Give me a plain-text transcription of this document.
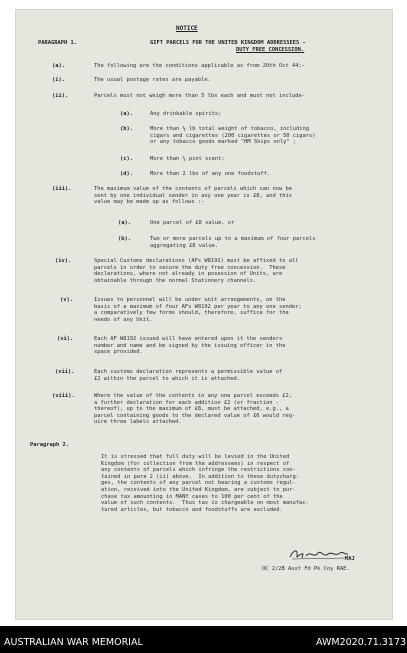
NOTICE
PARAGRAPH 1.	GIFT PARCELS FOR THE UNITED KINGDOM ADDRESSEES -
DUTY FREE CONCESSION.
(a).	The following are the conditions applicable as from 20th Oct 44;-
(i).	The usual postage rates are payable.
(ii).	Parcels must not weigh more than 5 lbs each and must not include-
(iii).	The maximum value of the contents of parcels which can now be
sent by one individual sender in any one year is £8, and this
value may be made up as follows :-
(iv).	Special Customs declarations (AFs W8192) must be affixed to all
parcels in order to secure the duty free concession.  These
declarations, where not already in posession of Units, are
obtainable through the normal Stationery channels.
(v).	Issues to personnel will be under unit arrangements, on the
basis of a maximum of four AFs W8192 per year to any one sender;
a comparatively few forms should, therefore, suffice for the
needs of any Unit.
(vi).	Each AF W8192 issued will have entered upon it the senders
number and name and be signed by the issuing officer in the
space provided.
(vii).	Each customs declaration represents a permissible value of
£2 within the parcel to which it is attached.
(viii).	Where the value of the contents in any one parcel exceeds £2,
a further declaration for each addition £2 (or fraction -
thereof), up to the maximum of £8, must be attached, e.g., a
parcel containing goods to the declared value of £6 would req-
uire three labels attached.
(a).	Any drinkable spirits;
(b).	More than ½ lb total weight of tobacco, including
cigars and cigarettes (200 cigarettes or 50 cigars)
or any tobacco goods marked "HM Ships only" ;
(c).	More than ¼ pint scent;
(d).	More than 2 lbs of any one foodstuff.
(a).	One parcel of £8 value, or
(b).	Two or more parcels up to a maximum of four parcels
aggregating £8 value.
Paragraph 2.
It is stressed that full duty will be levied in the United
Kingdom (for collection from the addressees) in respect of
any contents of parcels which infringe the restrictions con-
tained in para 2 (ii) above.  In addition to these dutycharg-
ges, the contents of any parcel not bearing a customs regul-
ation, received into the United Kingdom, are subject to pur-
chase tax amounting in MANY cases to 100 per cent of the
value of such contents.  Thus tax is chargeable on most manufac-
tured articles, but tobacco and foodstuffs are excluded.
MAJ
OC 2/2B Aust Fd Pk Coy RAE.
AUSTRALIAN WAR MEMORIAL	AWM2020.71.3173
